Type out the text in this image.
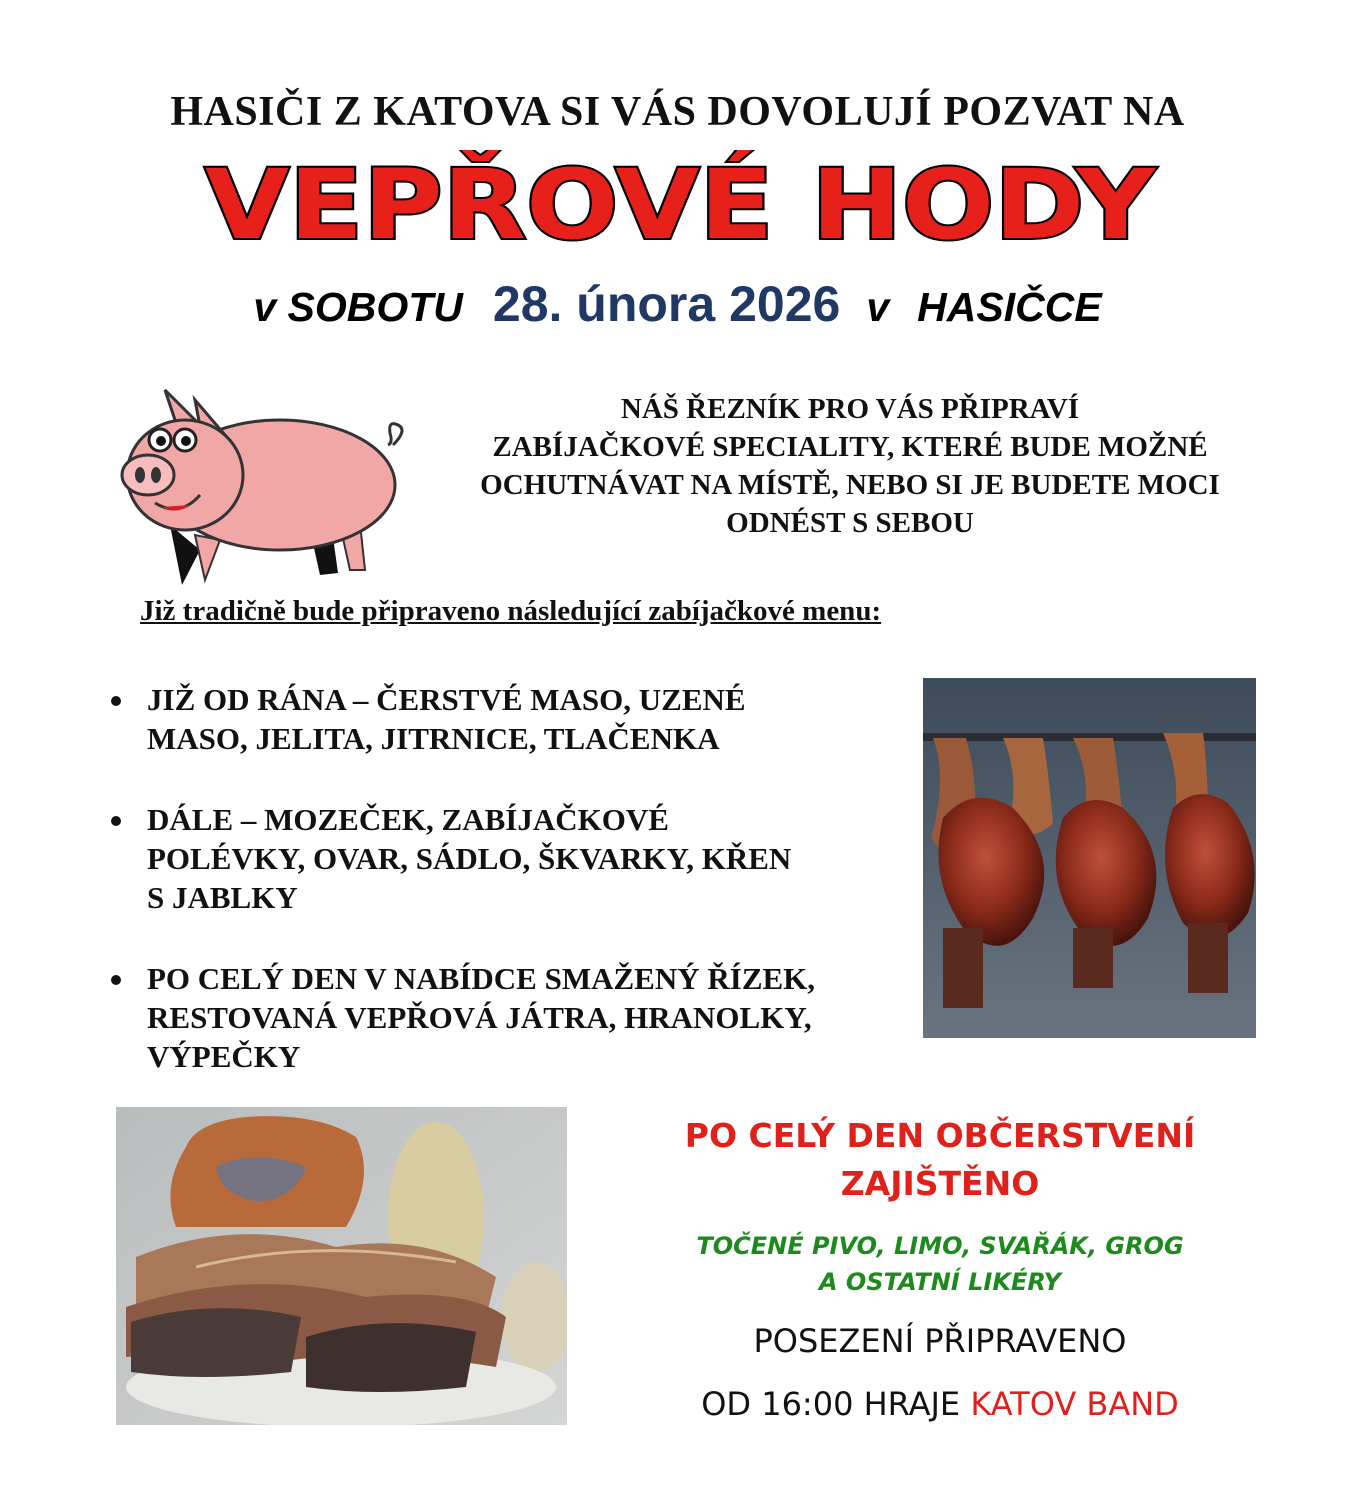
HASIČI Z KATOVA SI VÁS DOVOLUJÍ POZVAT NA
VEPŘOVÉ HODY
v SOBOTU 28. února 2026 v HASIČCE
NÁŠ ŘEZNÍK PRO VÁS PŘIPRAVÍ
ZABÍJAČKOVÉ SPECIALITY, KTERÉ BUDE MOŽNÉ
OCHUTNÁVAT NA MÍSTĚ, NEBO SI JE BUDETE MOCI
ODNÉST S SEBOU
Již tradičně bude připraveno následující zabíjačkové menu:
JIŽ OD RÁNA – ČERSTVÉ MASO, UZENÉ
MASO, JELITA, JITRNICE, TLAČENKA
DÁLE – MOZEČEK, ZABÍJAČKOVÉ
POLÉVKY, OVAR, SÁDLO, ŠKVARKY, KŘEN
S JABLKY
PO CELÝ DEN V NABÍDCE SMAŽENÝ ŘÍZEK,
RESTOVANÁ VEPŘOVÁ JÁTRA, HRANOLKY,
VÝPEČKY
PO CELÝ DEN OBČERSTVENÍ
ZAJIŠTĚNO
TOČENÉ PIVO, LIMO, SVAŘÁK, GROG
A OSTATNÍ LIKÉRY
POSEZENÍ PŘIPRAVENO
OD 16:00 HRAJE KATOV BAND
